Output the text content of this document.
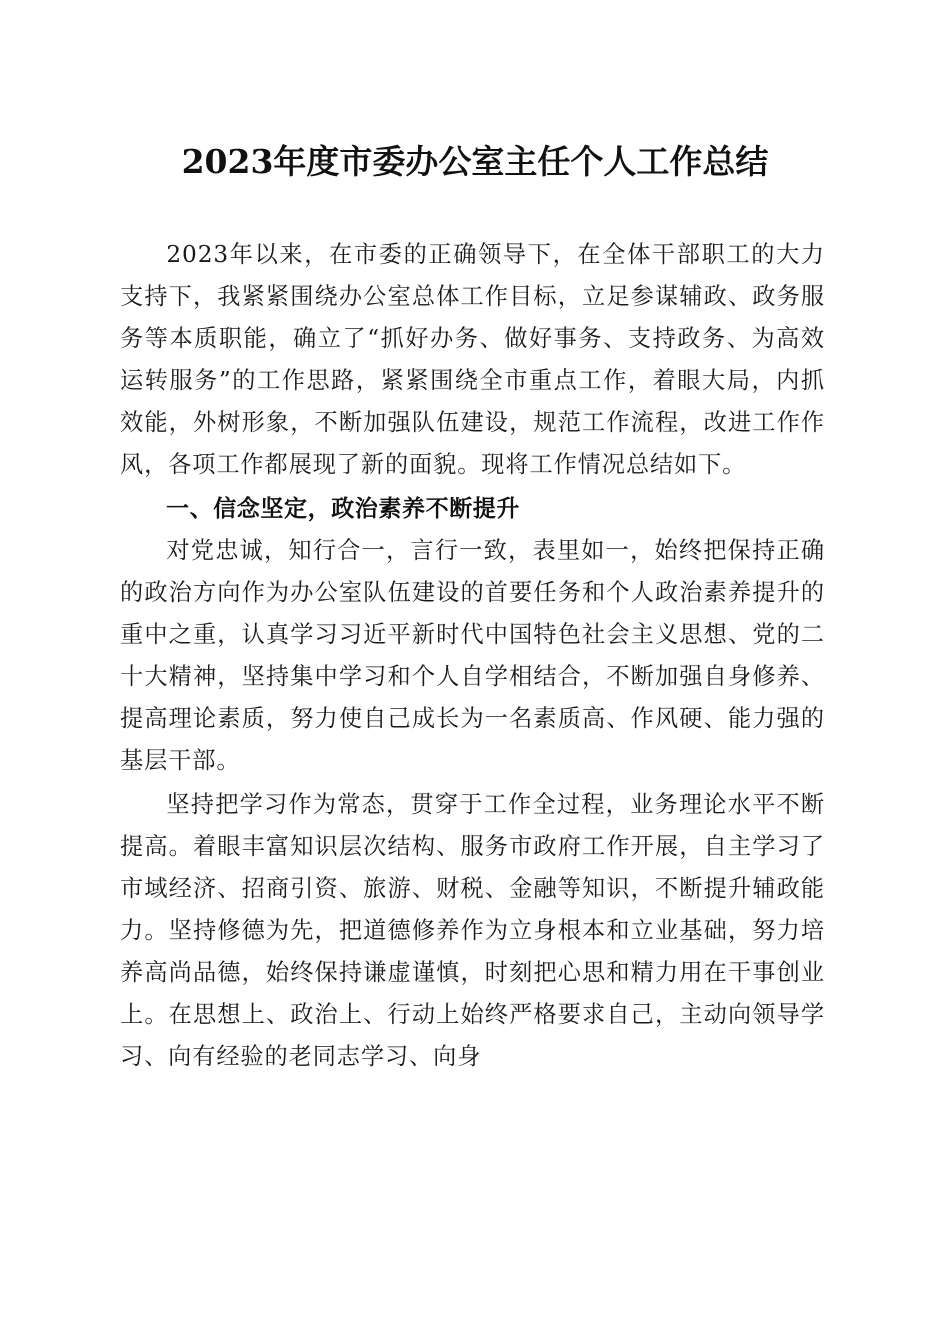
2023年度市委办公室主任个人工作总结

2023年以来，在市委的正确领导下，在全体干部职工的大力支持下，我紧紧围绕办公室总体工作目标，立足参谋辅政、政务服务等本质职能，确立了“抓好办务、做好事务、支持政务、为高效运转服务”的工作思路，紧紧围绕全市重点工作，着眼大局，内抓效能，外树形象，不断加强队伍建设，规范工作流程，改进工作作风，各项工作都展现了新的面貌。现将工作情况总结如下。

一、信念坚定，政治素养不断提升

对党忠诚，知行合一，言行一致，表里如一，始终把保持正确的政治方向作为办公室队伍建设的首要任务和个人政治素养提升的重中之重，认真学习习近平新时代中国特色社会主义思想、党的二十大精神，坚持集中学习和个人自学相结合，不断加强自身修养、提高理论素质，努力使自己成长为一名素质高、作风硬、能力强的基层干部。

坚持把学习作为常态，贯穿于工作全过程，业务理论水平不断提高。着眼丰富知识层次结构、服务市政府工作开展，自主学习了市域经济、招商引资、旅游、财税、金融等知识，不断提升辅政能力。坚持修德为先，把道德修养作为立身根本和立业基础，努力培养高尚品德，始终保持谦虚谨慎，时刻把心思和精力用在干事创业上。在思想上、政治上、行动上始终严格要求自己，主动向领导学习、向有经验的老同志学习、向身
